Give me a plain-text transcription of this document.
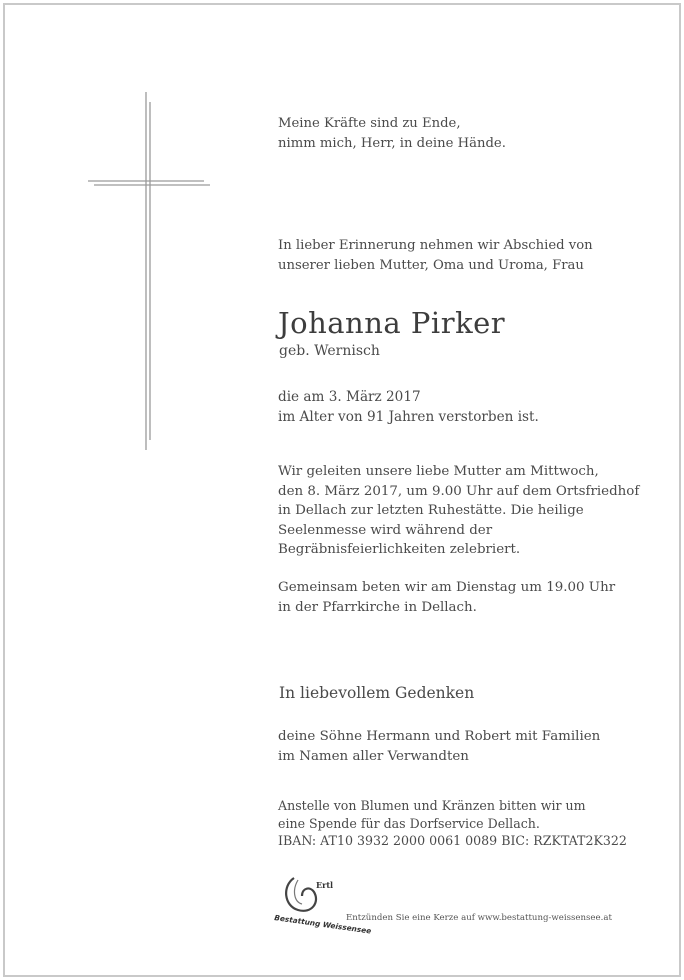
Meine Kräfte sind zu Ende,
nimm mich, Herr, in deine Hände.
In lieber Erinnerung nehmen wir Abschied von
unserer lieben Mutter, Oma und Uroma, Frau
Johanna Pirker
geb. Wernisch
die am 3. März 2017
im Alter von 91 Jahren verstorben ist.
Wir geleiten unsere liebe Mutter am Mittwoch,
den 8. März 2017, um 9.00 Uhr auf dem Ortsfriedhof
in Dellach zur letzten Ruhestätte. Die heilige
Seelenmesse wird während der
Begräbnisfeierlichkeiten zelebriert.
Gemeinsam beten wir am Dienstag um 19.00 Uhr
in der Pfarrkirche in Dellach.
In liebevollem Gedenken
deine Söhne Hermann und Robert mit Familien
im Namen aller Verwandten
Anstelle von Blumen und Kränzen bitten wir um
eine Spende für das Dorfservice Dellach.
IBAN: AT10 3932 2000 0061 0089 BIC: RZKTAT2K322
Ertl
Bestattung Weissensee
Entzünden Sie eine Kerze auf www.bestattung-weissensee.at
